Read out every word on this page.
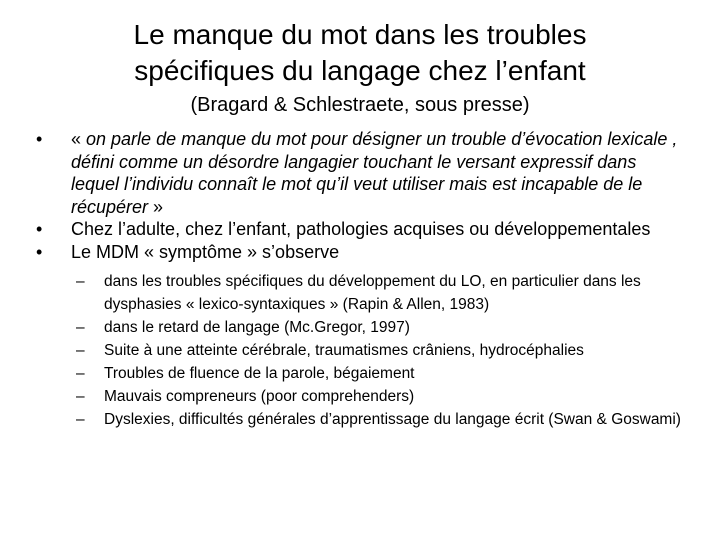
Le manque du mot dans les troubles
spécifiques du langage chez l’enfant
(Bragard & Schlestraete, sous presse)
•	« on parle de manque du mot pour désigner un trouble d’évocation lexicale , défini comme un désordre langagier touchant le versant expressif dans lequel l’individu connaît le mot qu’il veut utiliser mais est incapable de le récupérer »
•	Chez l’adulte, chez l’enfant, pathologies acquises ou développementales
•	Le MDM « symptôme » s’observe
–	dans les troubles spécifiques du développement du LO, en particulier dans les dysphasies « lexico-syntaxiques » (Rapin & Allen, 1983)
–	dans le retard de langage (Mc.Gregor, 1997)
–	Suite à une atteinte cérébrale, traumatismes crâniens, hydrocéphalies
–	Troubles de fluence de la parole, bégaiement
–	Mauvais compreneurs (poor comprehenders)
–	Dyslexies, difficultés générales d’apprentissage du langage écrit (Swan & Goswami)
